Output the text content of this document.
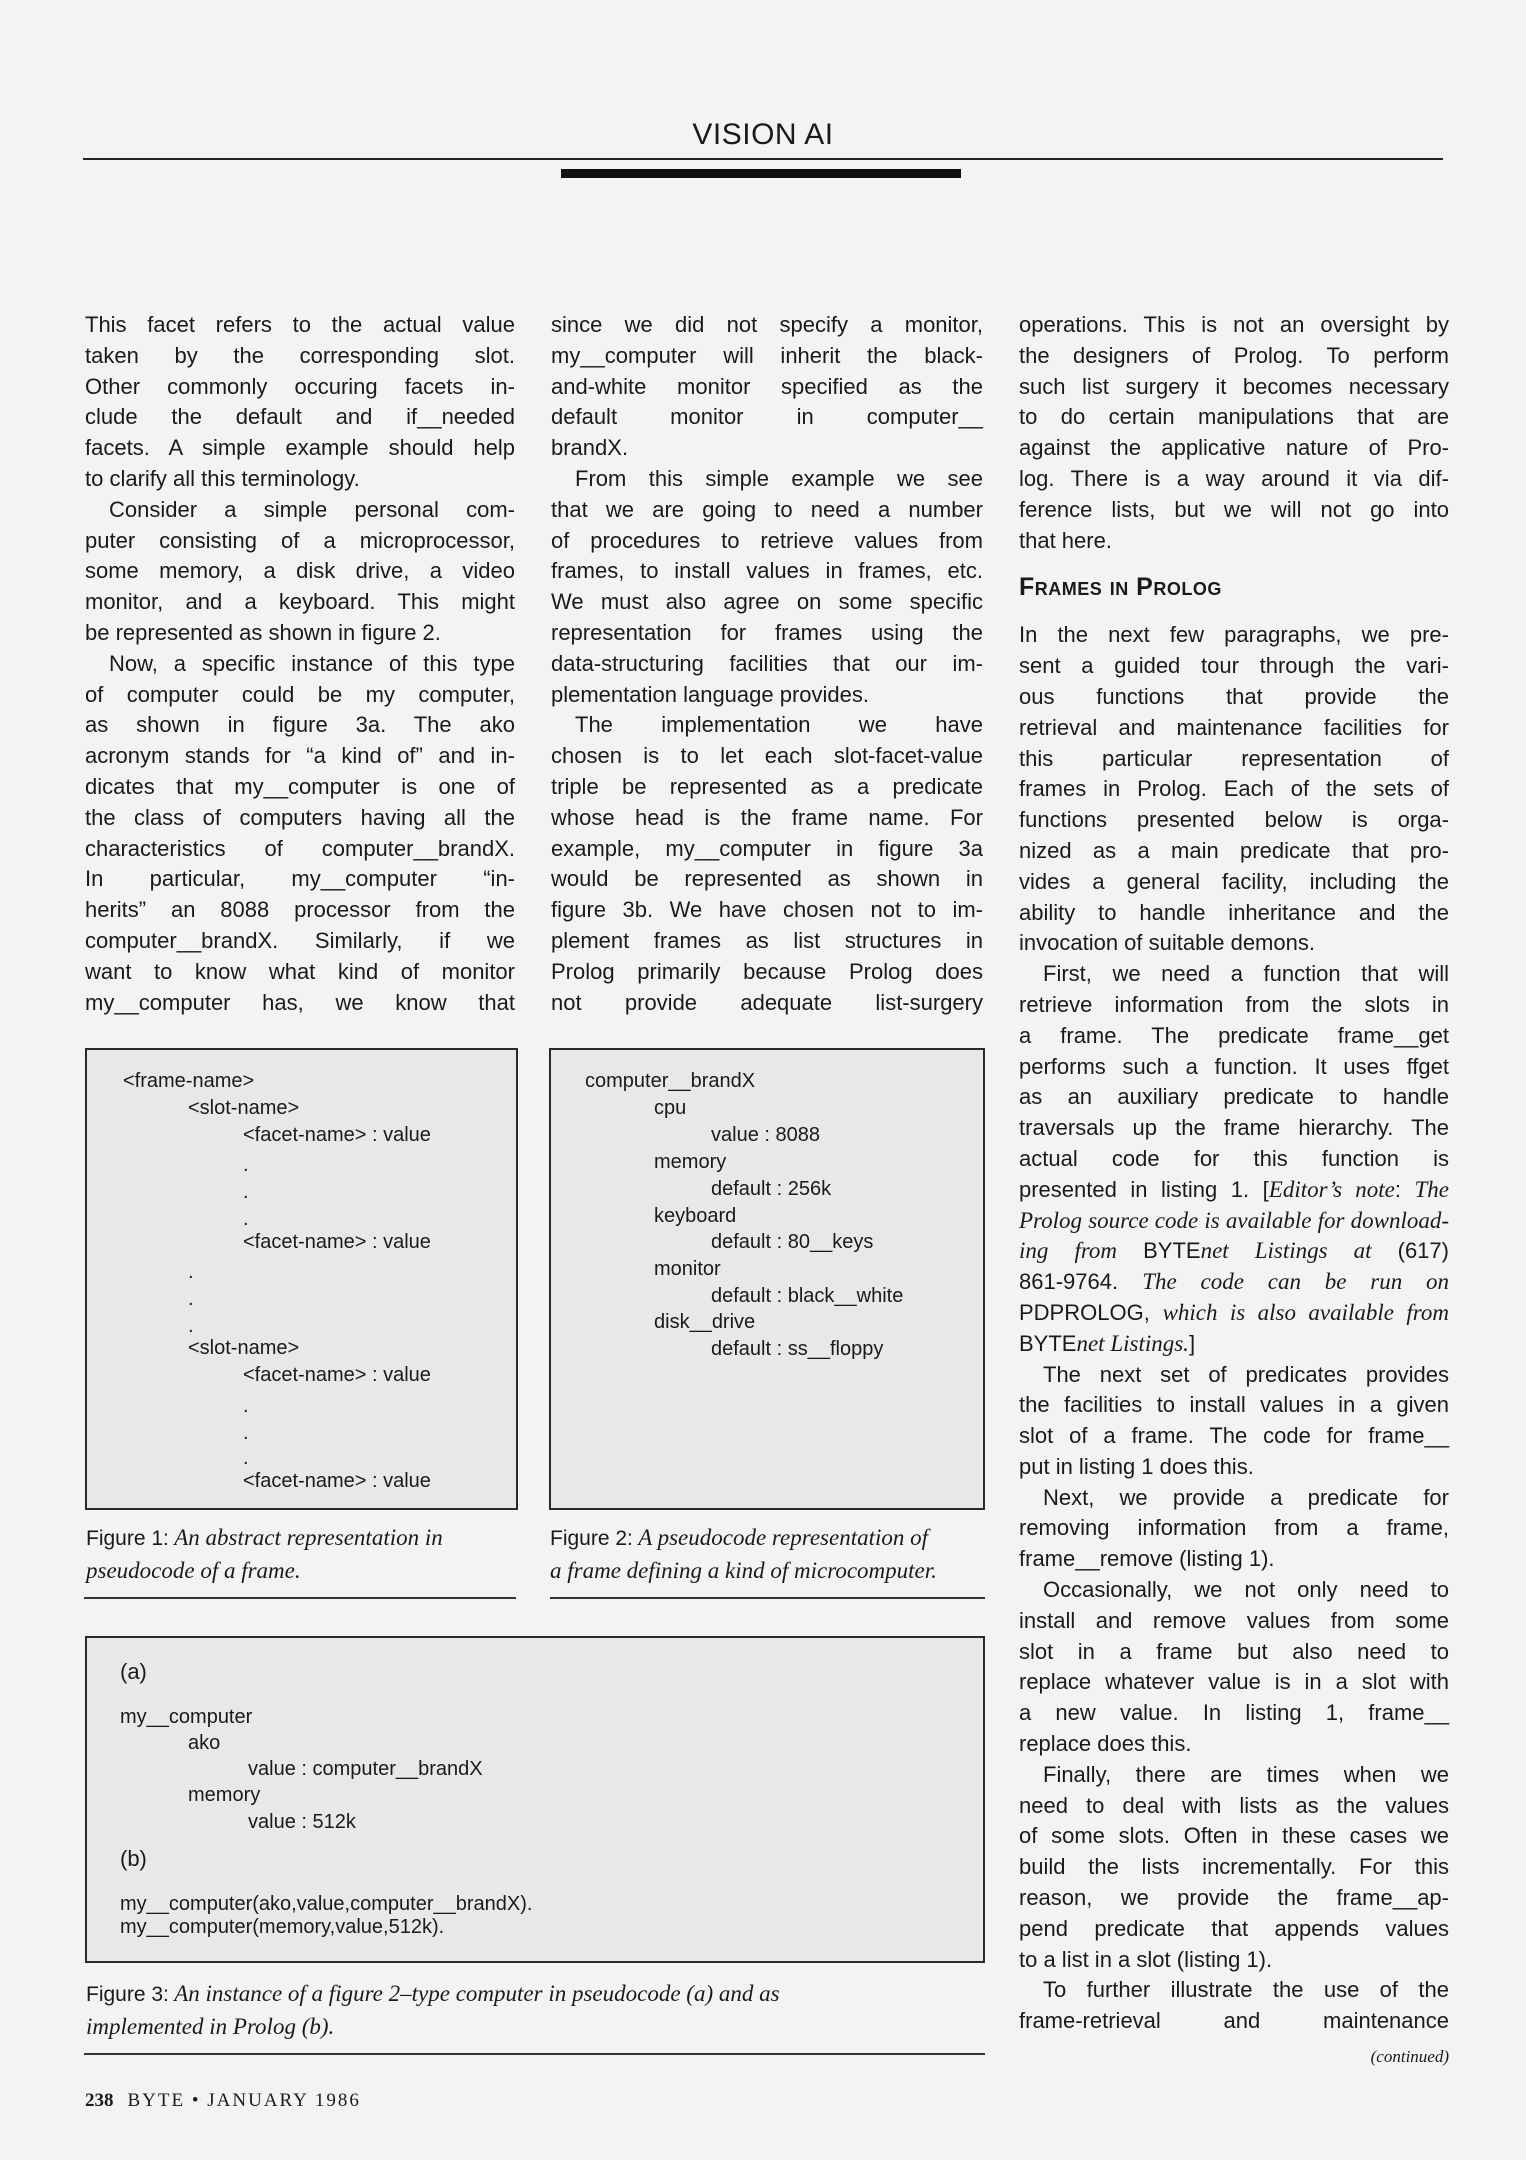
VISION AI
This facet refers to the actual value
taken by the corresponding slot.
Other commonly occuring facets in-
clude the default and if__needed
facets. A simple example should help
to clarify all this terminology.
Consider a simple personal com-
puter consisting of a microprocessor,
some memory, a disk drive, a video
monitor, and a keyboard. This might
be represented as shown in figure 2.
Now, a specific instance of this type
of computer could be my computer,
as shown in figure 3a. The ako
acronym stands for “a kind of” and in-
dicates that my__computer is one of
the class of computers having all the
characteristics of computer__brandX.
In particular, my__computer “in-
herits” an 8088 processor from the
computer__brandX. Similarly, if we
want to know what kind of monitor
my__computer has, we know that
since we did not specify a monitor,
my__computer will inherit the black-
and-white monitor specified as the
default monitor in computer__
brandX.
From this simple example we see
that we are going to need a number
of procedures to retrieve values from
frames, to install values in frames, etc.
We must also agree on some specific
representation for frames using the
data-structuring facilities that our im-
plementation language provides.
The implementation we have
chosen is to let each slot-facet-value
triple be represented as a predicate
whose head is the frame name. For
example, my__computer in figure 3a
would be represented as shown in
figure 3b. We have chosen not to im-
plement frames as list structures in
Prolog primarily because Prolog does
not provide adequate list-surgery
operations. This is not an oversight by
the designers of Prolog. To perform
such list surgery it becomes necessary
to do certain manipulations that are
against the applicative nature of Pro-
log. There is a way around it via dif-
ference lists, but we will not go into
that here.
Frames in Prolog
In the next few paragraphs, we pre-
sent a guided tour through the vari-
ous functions that provide the
retrieval and maintenance facilities for
this particular representation of
frames in Prolog. Each of the sets of
functions presented below is orga-
nized as a main predicate that pro-
vides a general facility, including the
ability to handle inheritance and the
invocation of suitable demons.
First, we need a function that will
retrieve information from the slots in
a frame. The predicate frame__get
performs such a function. It uses ffget
as an auxiliary predicate to handle
traversals up the frame hierarchy. The
actual code for this function is
presented in listing 1. [Editor’s note: The
Prolog source code is available for download-
ing from BYTEnet Listings at (617)
861-9764. The code can be run on
PDPROLOG, which is also available from
BYTEnet Listings.]
The next set of predicates provides
the facilities to install values in a given
slot of a frame. The code for frame__
put in listing 1 does this.
Next, we provide a predicate for
removing information from a frame,
frame__remove (listing 1).
Occasionally, we not only need to
install and remove values from some
slot in a frame but also need to
replace whatever value is in a slot with
a new value. In listing 1, frame__
replace does this.
Finally, there are times when we
need to deal with lists as the values
of some slots. Often in these cases we
build the lists incrementally. For this
reason, we provide the frame__ap-
pend predicate that appends values
to a list in a slot (listing 1).
To further illustrate the use of the
frame-retrieval and maintenance
(continued)
<frame-name>
<slot-name>
<facet-name> : value
.
.
.
<facet-name> : value
.
.
.
<slot-name>
<facet-name> : value
.
.
.
<facet-name> : value
Figure 1: An abstract representation in
pseudocode of a frame.
computer__brandX
cpu
value : 8088
memory
default : 256k
keyboard
default : 80__keys
monitor
default : black__white
disk__drive
default : ss__floppy
Figure 2: A pseudocode representation of
a frame defining a kind of microcomputer.
(a)
my__computer
ako
value : computer__brandX
memory
value : 512k
(b)
my__computer(ako,value,computer__brandX).
my__computer(memory,value,512k).
Figure 3: An instance of a figure 2–type computer in pseudocode (a) and as
implemented in Prolog (b).
238 BYTE • JANUARY 1986
